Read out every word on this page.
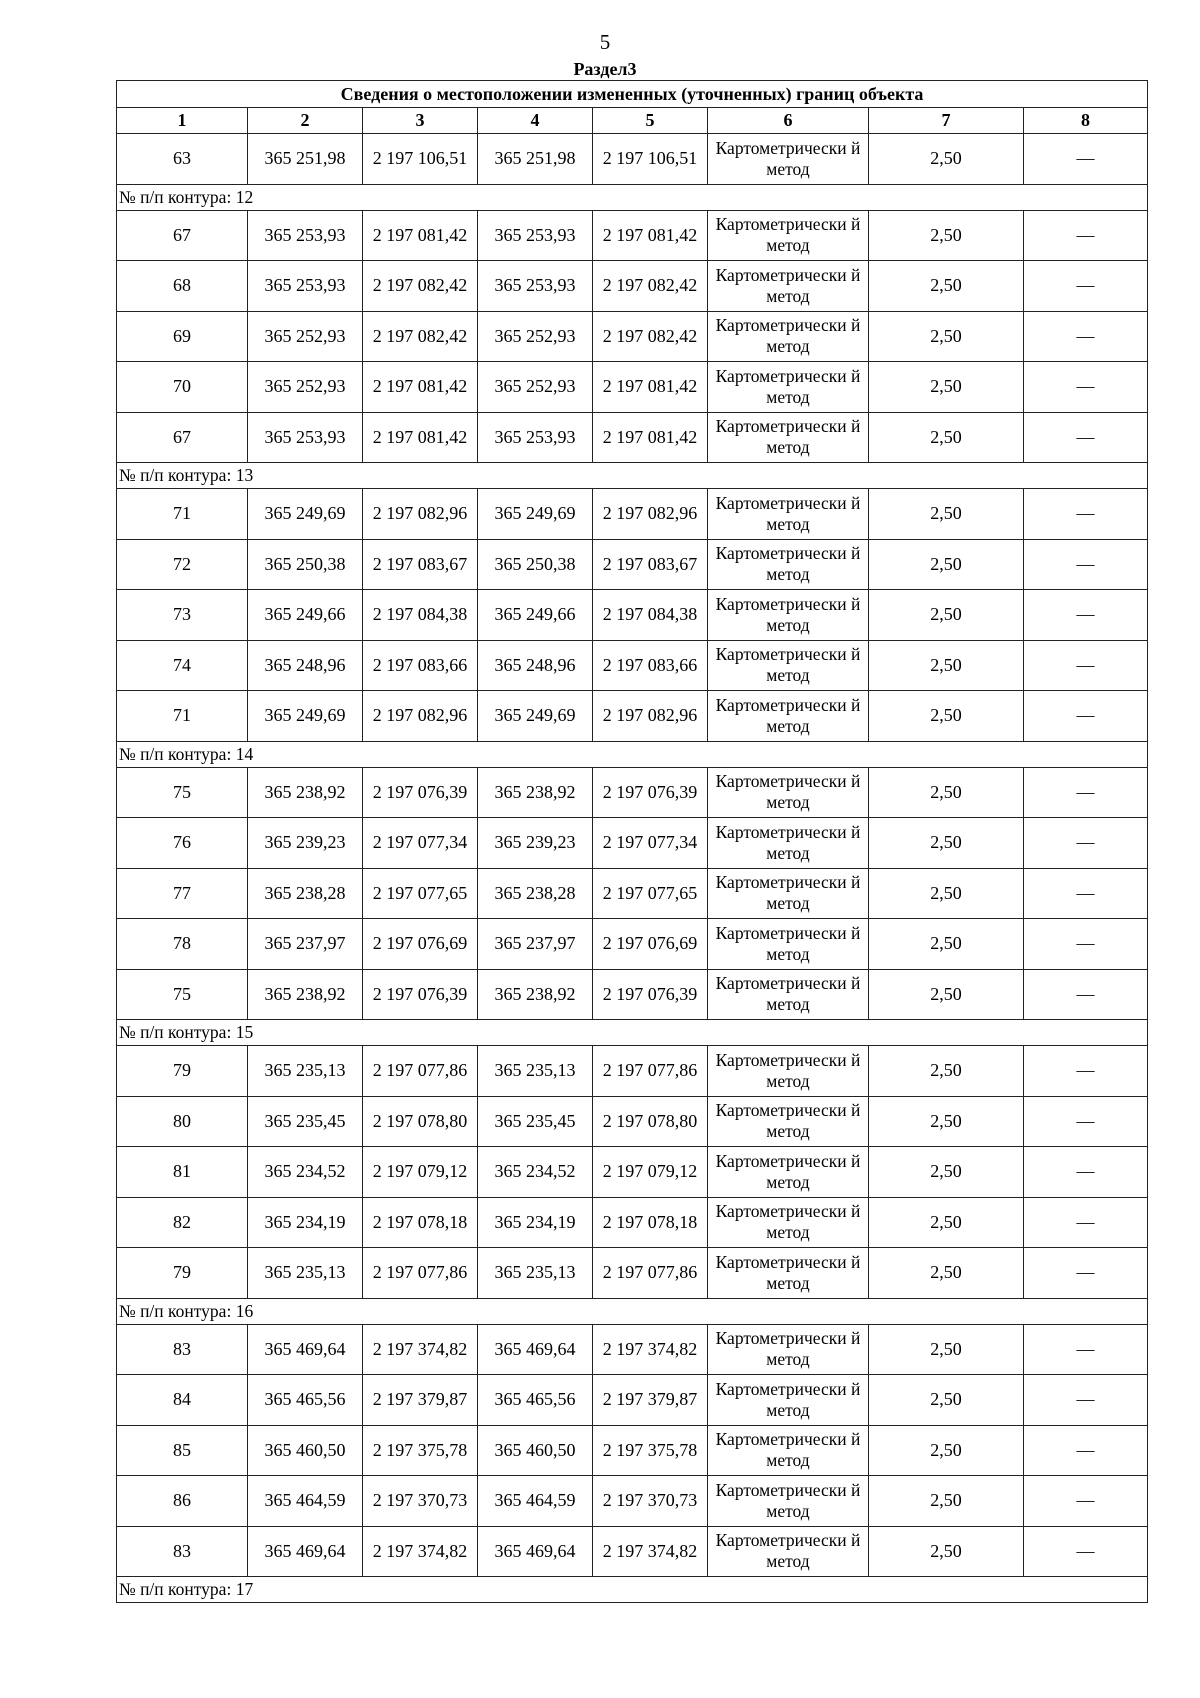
5
Раздел3
Сведения о местоположении измененных (уточненных) границ объекта							
1	2	3	4	5	6	7	8
63	365 251,98	2 197 106,51	365 251,98	2 197 106,51	Картометрически й метод	2,50	—
№ п/п контура: 12							
67	365 253,93	2 197 081,42	365 253,93	2 197 081,42	Картометрически й метод	2,50	—
68	365 253,93	2 197 082,42	365 253,93	2 197 082,42	Картометрически й метод	2,50	—
69	365 252,93	2 197 082,42	365 252,93	2 197 082,42	Картометрически й метод	2,50	—
70	365 252,93	2 197 081,42	365 252,93	2 197 081,42	Картометрически й метод	2,50	—
67	365 253,93	2 197 081,42	365 253,93	2 197 081,42	Картометрически й метод	2,50	—
№ п/п контура: 13							
71	365 249,69	2 197 082,96	365 249,69	2 197 082,96	Картометрически й метод	2,50	—
72	365 250,38	2 197 083,67	365 250,38	2 197 083,67	Картометрически й метод	2,50	—
73	365 249,66	2 197 084,38	365 249,66	2 197 084,38	Картометрически й метод	2,50	—
74	365 248,96	2 197 083,66	365 248,96	2 197 083,66	Картометрически й метод	2,50	—
71	365 249,69	2 197 082,96	365 249,69	2 197 082,96	Картометрически й метод	2,50	—
№ п/п контура: 14							
75	365 238,92	2 197 076,39	365 238,92	2 197 076,39	Картометрически й метод	2,50	—
76	365 239,23	2 197 077,34	365 239,23	2 197 077,34	Картометрически й метод	2,50	—
77	365 238,28	2 197 077,65	365 238,28	2 197 077,65	Картометрически й метод	2,50	—
78	365 237,97	2 197 076,69	365 237,97	2 197 076,69	Картометрически й метод	2,50	—
75	365 238,92	2 197 076,39	365 238,92	2 197 076,39	Картометрически й метод	2,50	—
№ п/п контура: 15							
79	365 235,13	2 197 077,86	365 235,13	2 197 077,86	Картометрически й метод	2,50	—
80	365 235,45	2 197 078,80	365 235,45	2 197 078,80	Картометрически й метод	2,50	—
81	365 234,52	2 197 079,12	365 234,52	2 197 079,12	Картометрически й метод	2,50	—
82	365 234,19	2 197 078,18	365 234,19	2 197 078,18	Картометрически й метод	2,50	—
79	365 235,13	2 197 077,86	365 235,13	2 197 077,86	Картометрически й метод	2,50	—
№ п/п контура: 16							
83	365 469,64	2 197 374,82	365 469,64	2 197 374,82	Картометрически й метод	2,50	—
84	365 465,56	2 197 379,87	365 465,56	2 197 379,87	Картометрически й метод	2,50	—
85	365 460,50	2 197 375,78	365 460,50	2 197 375,78	Картометрически й метод	2,50	—
86	365 464,59	2 197 370,73	365 464,59	2 197 370,73	Картометрически й метод	2,50	—
83	365 469,64	2 197 374,82	365 469,64	2 197 374,82	Картометрически й метод	2,50	—
№ п/п контура: 17							
